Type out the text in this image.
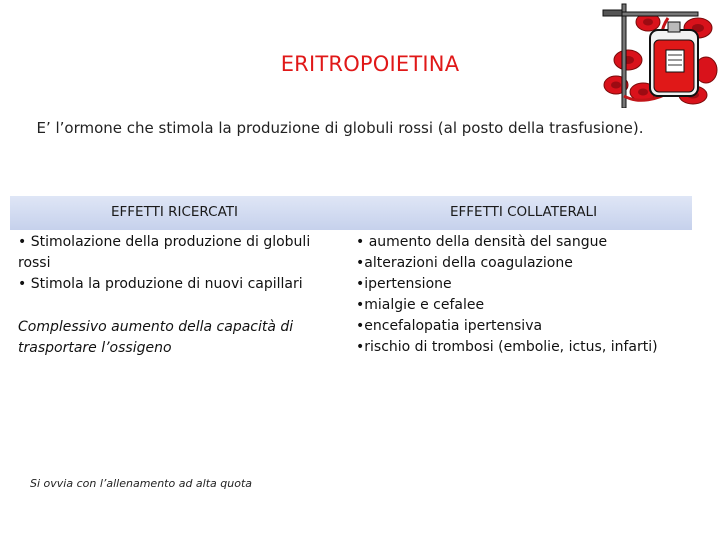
ERITROPOIETINA
E’ l’ormone che stimola la produzione di globuli rossi (al posto della trasfusione).
EFFETTI RICERCATI	EFFETTI COLLATERALI
• Stimolazione della produzione di globuli
rossi
• Stimola la produzione di nuovi capillari
Complessivo aumento della capacità di
trasportare l’ossigeno
• aumento della densità del sangue
•alterazioni della coagulazione
•ipertensione
•mialgie e cefalee
•encefalopatia ipertensiva
•rischio di trombosi (embolie, ictus, infarti)
Si ovvia con l’allenamento ad alta quota
